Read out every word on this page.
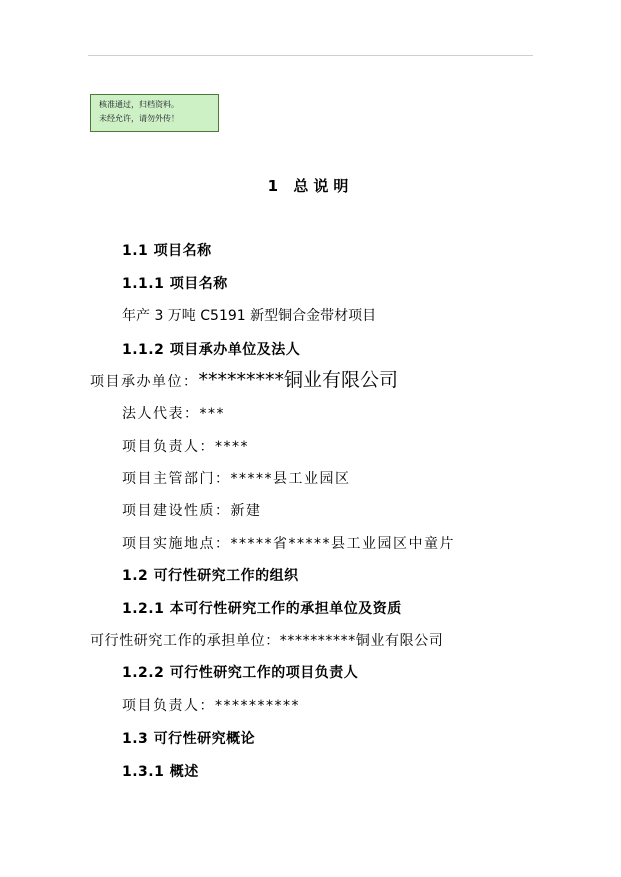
核准通过，归档资料。
未经允许，请勿外传！
1 总说明
1.1 项目名称
1.1.1 项目名称
年产 3 万吨 C5191 新型铜合金带材项目
1.1.2 项目承办单位及法人
项目承办单位：*********铜业有限公司
法人代表：***
项目负责人：****
项目主管部门：*****县工业园区
项目建设性质：新建
项目实施地点：*****省*****县工业园区中童片
1.2 可行性研究工作的组织
1.2.1 本可行性研究工作的承担单位及资质
可行性研究工作的承担单位：**********铜业有限公司
1.2.2 可行性研究工作的项目负责人
项目负责人：**********
1.3 可行性研究概论
1.3.1 概述
